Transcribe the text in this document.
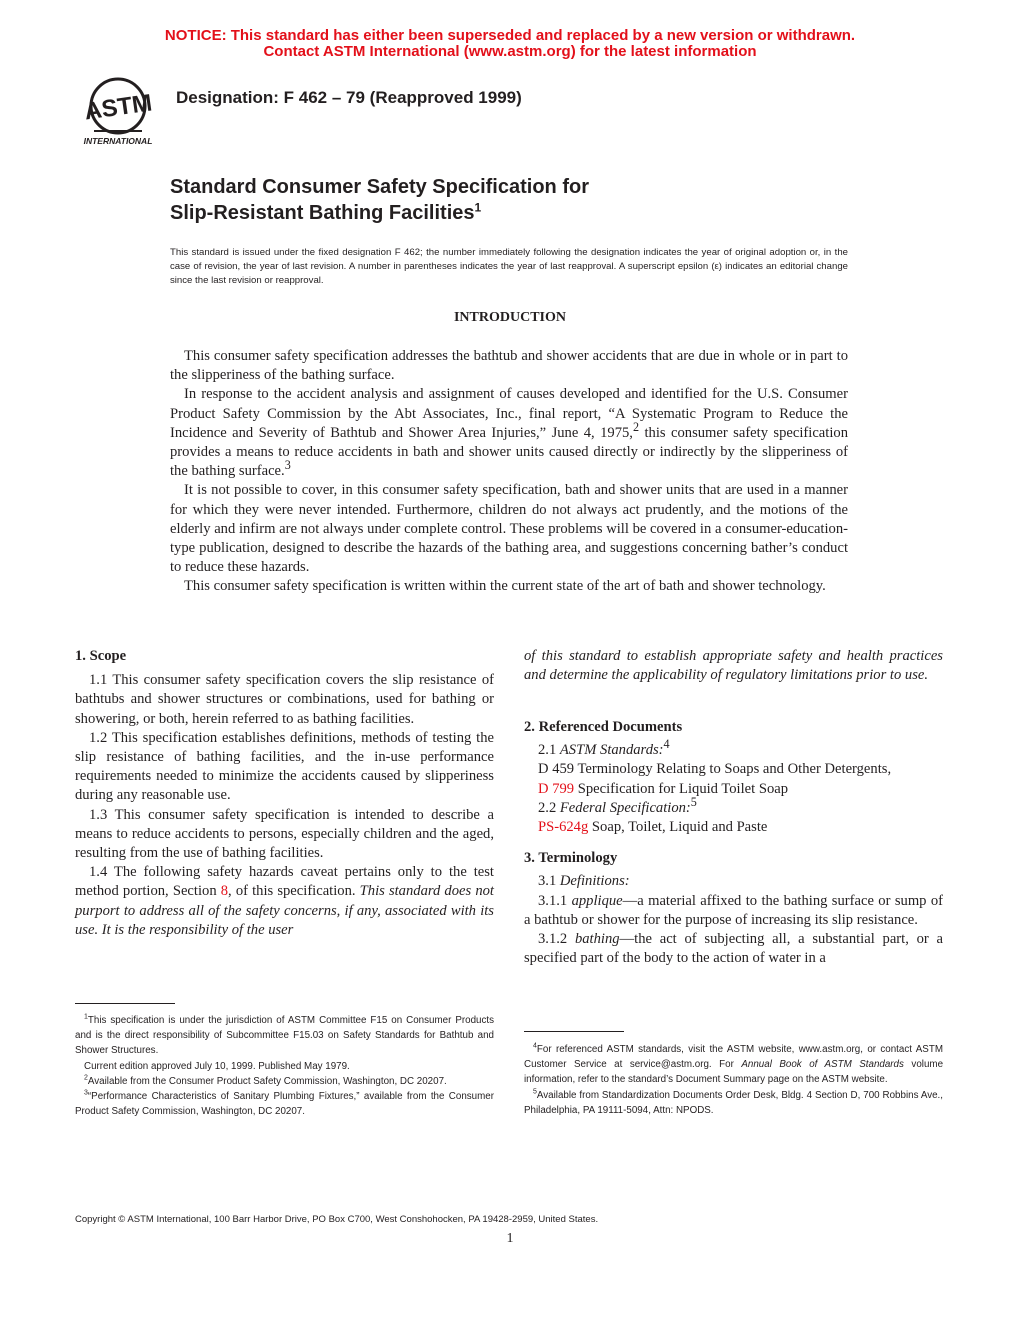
NOTICE: This standard has either been superseded and replaced by a new version or withdrawn.
Contact ASTM International (www.astm.org) for the latest information
ASTM
INTERNATIONAL
Designation: F 462 – 79 (Reapproved 1999)
Standard Consumer Safety Specification for
Slip-Resistant Bathing Facilities$^1$
This standard is issued under the fixed designation F 462; the number immediately following the designation indicates the year of original adoption or, in the case of revision, the year of last revision. A number in parentheses indicates the year of last reapproval. A superscript epsilon (ε) indicates an editorial change since the last revision or reapproval.
INTRODUCTION

This consumer safety specification addresses the bathtub and shower accidents that are due in whole or in part to the slipperiness of the bathing surface.

In response to the accident analysis and assignment of causes developed and identified for the U.S. Consumer Product Safety Commission by the Abt Associates, Inc., final report, “A Systematic Program to Reduce the Incidence and Severity of Bathtub and Shower Area Injuries,” June 4, 1975,$^2$ this consumer safety specification provides a means to reduce accidents in bath and shower units caused directly or indirectly by the slipperiness of the bathing surface.$^3$

It is not possible to cover, in this consumer safety specification, bath and shower units that are used in a manner for which they were never intended. Furthermore, children do not always act prudently, and the motions of the elderly and infirm are not always under complete control. These problems will be covered in a consumer-education-type publication, designed to describe the hazards of the bathing area, and suggestions concerning bather’s conduct to reduce these hazards.

This consumer safety specification is written within the current state of the art of bath and shower technology.

1. Scope

1.1 This consumer safety specification covers the slip resistance of bathtubs and shower structures or combinations, used for bathing or showering, or both, herein referred to as bathing facilities.

1.2 This specification establishes definitions, methods of testing the slip resistance of bathing facilities, and the in-use performance requirements needed to minimize the accidents caused by slipperiness during any reasonable use.

1.3 This consumer safety specification is intended to describe a means to reduce accidents to persons, especially children and the aged, resulting from the use of bathing facilities.

1.4 The following safety hazards caveat pertains only to the test method portion, Section 8, of this specification. This standard does not purport to address all of the safety concerns, if any, associated with its use. It is the responsibility of the user

$^1$This specification is under the jurisdiction of ASTM Committee F15 on Consumer Products and is the direct responsibility of Subcommittee F15.03 on Safety Standards for Bathtub and Shower Structures.

Current edition approved July 10, 1999. Published May 1979.

$^2$Available from the Consumer Product Safety Commission, Washington, DC 20207.

$^3$“Performance Characteristics of Sanitary Plumbing Fixtures,” available from the Consumer Product Safety Commission, Washington, DC 20207.

of this standard to establish appropriate safety and health practices and determine the applicability of regulatory limitations prior to use.
2. Referenced Documents

2.1 ASTM Standards:$^4$

D 459 Terminology Relating to Soaps and Other Detergents,

D 799 Specification for Liquid Toilet Soap

2.2 Federal Specification:$^5$

PS-624g Soap, Toilet, Liquid and Paste

3. Terminology

3.1 Definitions:

3.1.1 applique—a material affixed to the bathing surface or sump of a bathtub or shower for the purpose of increasing its slip resistance.

3.1.2 bathing—the act of subjecting all, a substantial part, or a specified part of the body to the action of water in a

$^4$For referenced ASTM standards, visit the ASTM website, www.astm.org, or contact ASTM Customer Service at service@astm.org. For Annual Book of ASTM Standards volume information, refer to the standard’s Document Summary page on the ASTM website.

$^5$Available from Standardization Documents Order Desk, Bldg. 4 Section D, 700 Robbins Ave., Philadelphia, PA 19111-5094, Attn: NPODS.

Copyright © ASTM International, 100 Barr Harbor Drive, PO Box C700, West Conshohocken, PA 19428-2959, United States.
1
